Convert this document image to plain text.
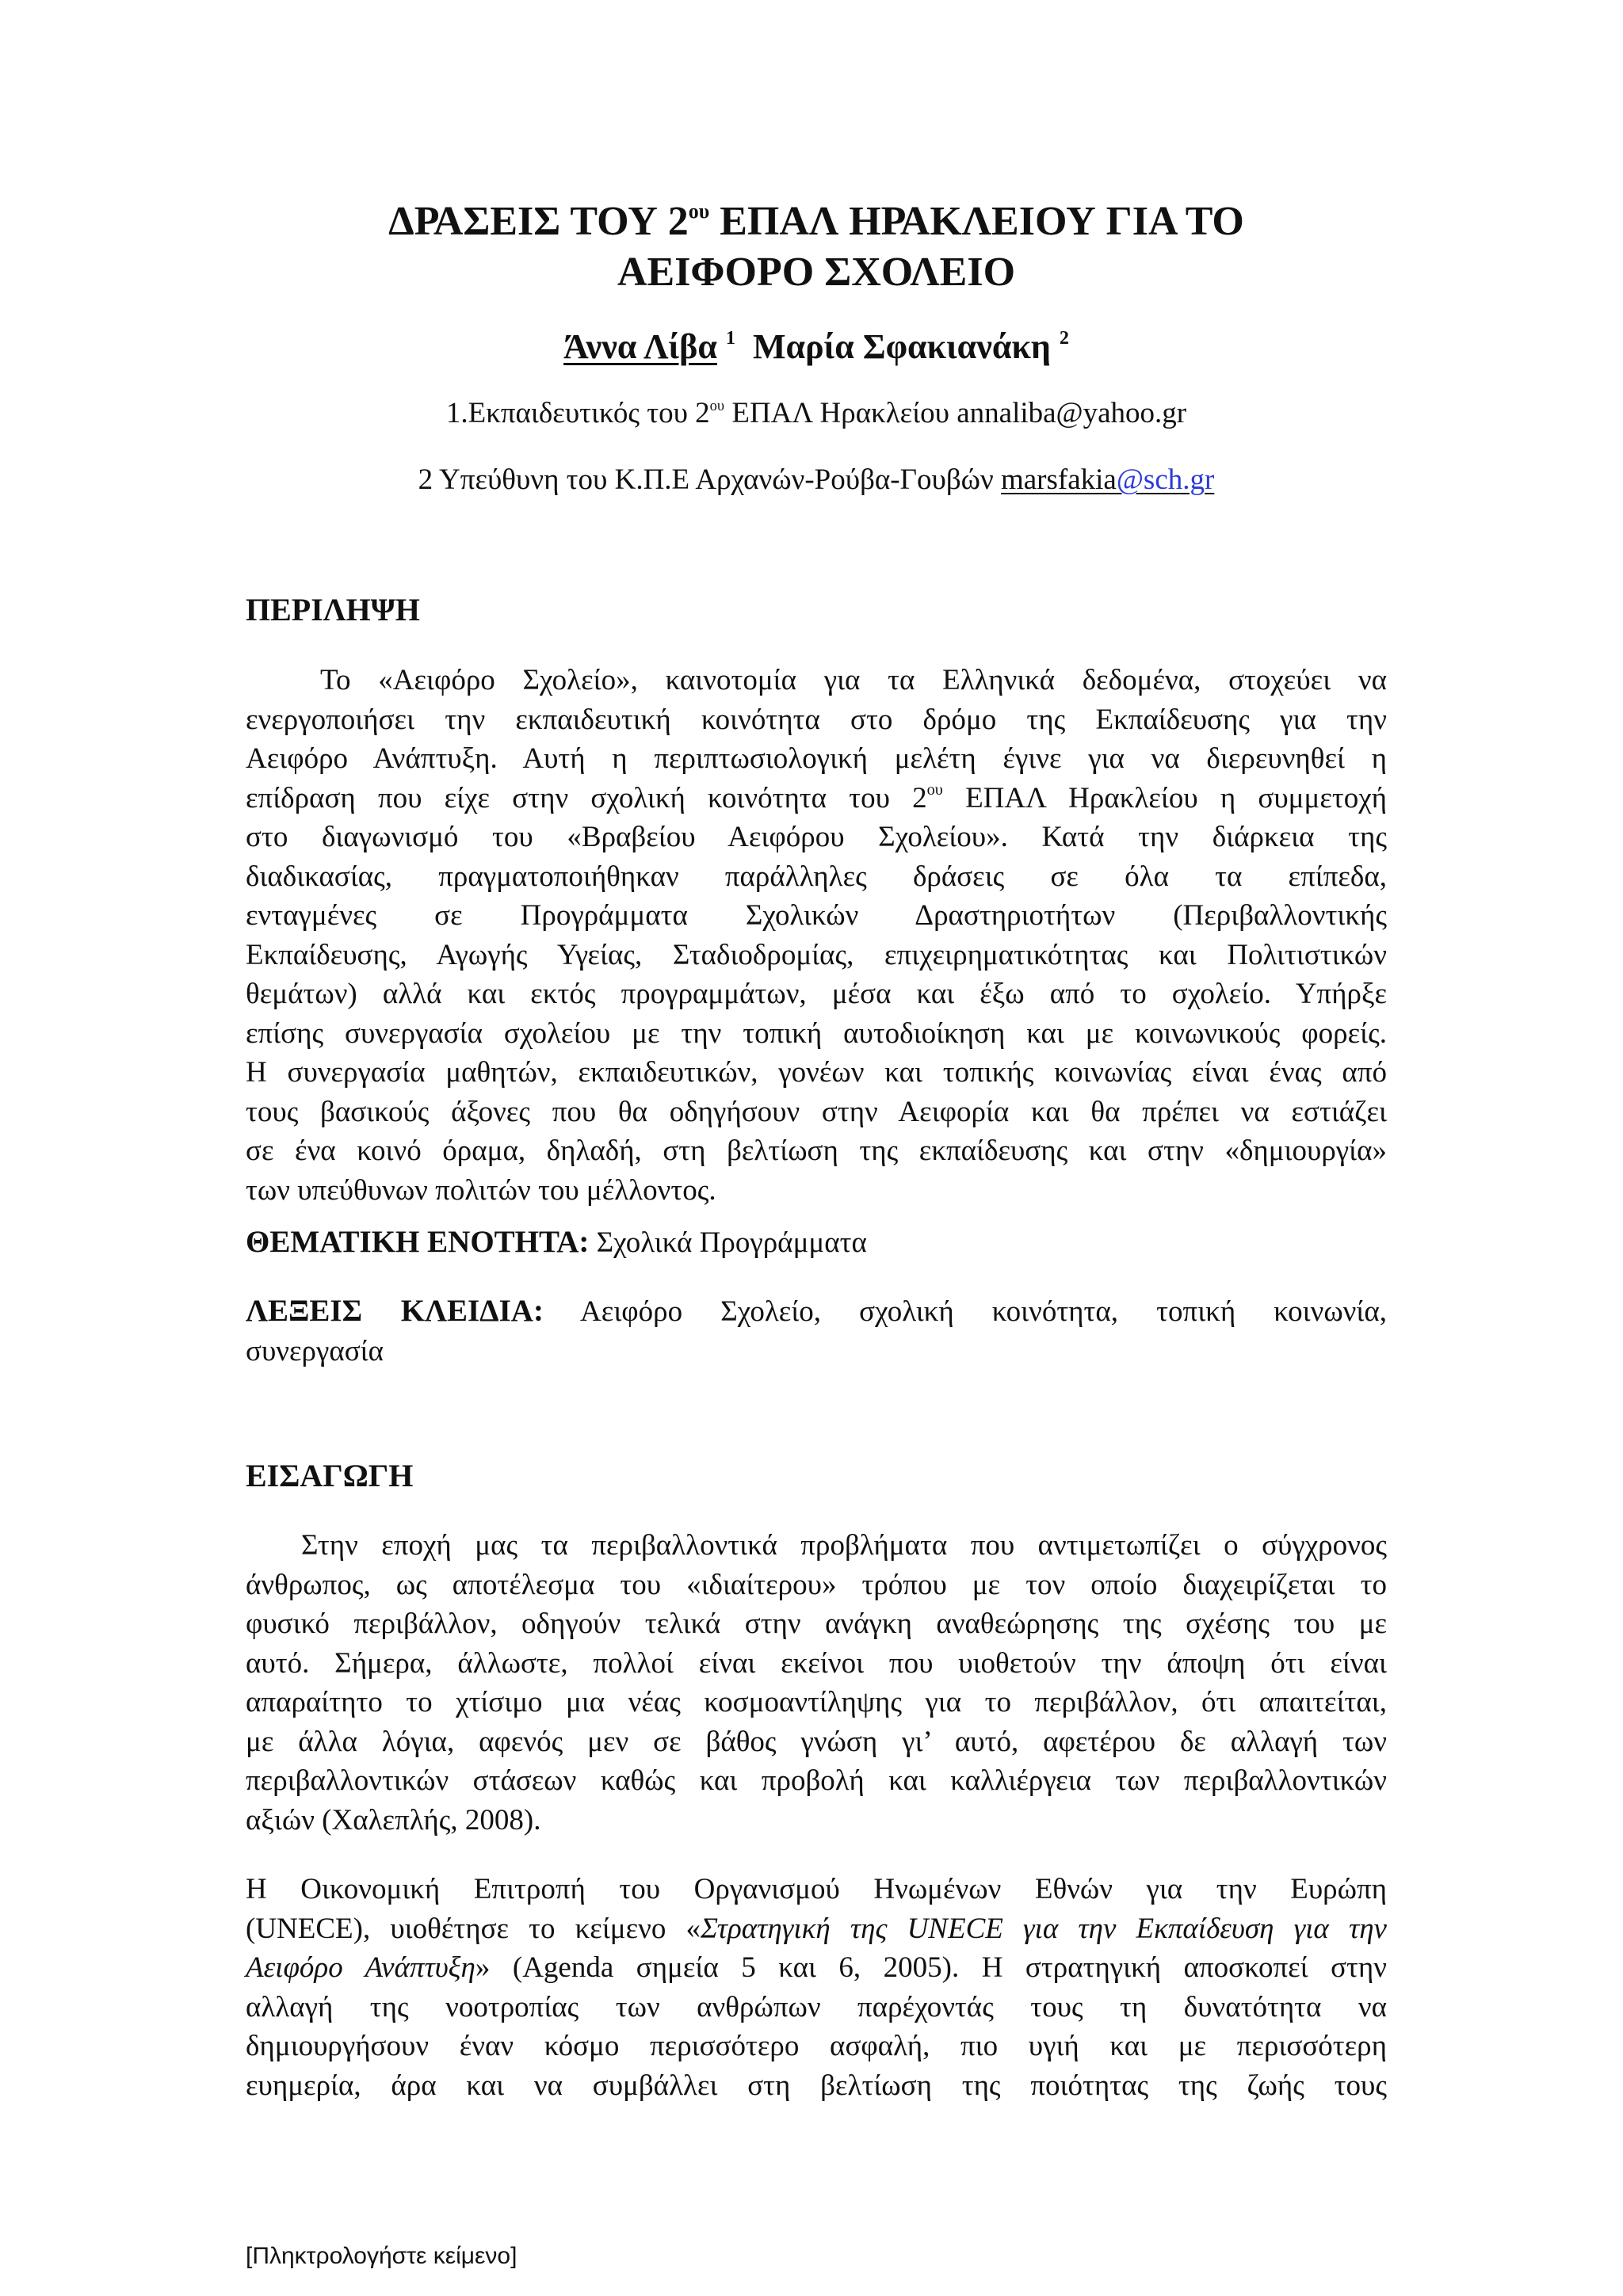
ΔΡΑΣΕΙΣ ΤΟΥ $2^{o\upsilon}$ ΕΠΑΛ ΗΡΑΚΛΕΙΟΥ ΓΙΑ ΤΟ
ΑΕΙΦΟΡΟ ΣΧΟΛΕΙΟ
Άννα Λίβα $^1$ Μαρία Σφακιανάκη $^2$
1.Εκπαιδευτικός του $2^{o\upsilon}$ ΕΠΑΛ Ηρακλείου annaliba@yahoo.gr
2 Υπεύθυνη του Κ.Π.Ε Αρχανών-Ρούβα-Γουβών marsfakia@sch.gr
ΠΕΡΙΛΗΨΗ
Το «Αειφόρο Σχολείο», καινοτομία για τα Ελληνικά δεδομένα, στοχεύει να
ενεργοποιήσει την εκπαιδευτική κοινότητα στο δρόμο της Εκπαίδευσης για την
Αειφόρο Ανάπτυξη. Αυτή η περιπτωσιολογική μελέτη έγινε για να διερευνηθεί η
επίδραση που είχε στην σχολική κοινότητα του $2^{o\upsilon}$ ΕΠΑΛ Ηρακλείου η συμμετοχή
στο διαγωνισμό του «Βραβείου Αειφόρου Σχολείου». Κατά την διάρκεια της
διαδικασίας, πραγματοποιήθηκαν παράλληλες δράσεις σε όλα τα επίπεδα,
ενταγμένες σε Προγράμματα Σχολικών Δραστηριοτήτων (Περιβαλλοντικής
Εκπαίδευσης, Αγωγής Υγείας, Σταδιοδρομίας, επιχειρηματικότητας και Πολιτιστικών
θεμάτων) αλλά και εκτός προγραμμάτων, μέσα και έξω από το σχολείο. Υπήρξε
επίσης συνεργασία σχολείου με την τοπική αυτοδιοίκηση και με κοινωνικούς φορείς.
Η συνεργασία μαθητών, εκπαιδευτικών, γονέων και τοπικής κοινωνίας είναι ένας από
τους βασικούς άξονες που θα οδηγήσουν στην Αειφορία και θα πρέπει να εστιάζει
σε ένα κοινό όραμα, δηλαδή, στη βελτίωση της εκπαίδευσης και στην «δημιουργία»
των υπεύθυνων πολιτών του μέλλοντος.
ΘΕΜΑΤΙΚΗ ΕΝΟΤΗΤΑ: Σχολικά Προγράμματα
ΛΕΞΕΙΣ ΚΛΕΙΔΙΑ: Αειφόρο Σχολείο, σχολική κοινότητα, τοπική κοινωνία,
συνεργασία
ΕΙΣΑΓΩΓΗ
Στην εποχή μας τα περιβαλλοντικά προβλήματα που αντιμετωπίζει ο σύγχρονος
άνθρωπος, ως αποτέλεσμα του «ιδιαίτερου» τρόπου με τον οποίο διαχειρίζεται το
φυσικό περιβάλλον, οδηγούν τελικά στην ανάγκη αναθεώρησης της σχέσης του με
αυτό. Σήμερα, άλλωστε, πολλοί είναι εκείνοι που υιοθετούν την άποψη ότι είναι
απαραίτητο το χτίσιμο μια νέας κοσμοαντίληψης για το περιβάλλον, ότι απαιτείται,
με άλλα λόγια, αφενός μεν σε βάθος γνώση γι’ αυτό, αφετέρου δε αλλαγή των
περιβαλλοντικών στάσεων καθώς και προβολή και καλλιέργεια των περιβαλλοντικών
αξιών (Χαλεπλής, 2008).
Η Οικονομική Επιτροπή του Οργανισμού Ηνωμένων Εθνών για την Ευρώπη
(UNECE), υιοθέτησε το κείμενο «Στρατηγική της UNECE για την Εκπαίδευση για την
Αειφόρο Ανάπτυξη» (Agenda σημεία 5 και 6, 2005). Η στρατηγική αποσκοπεί στην
αλλαγή της νοοτροπίας των ανθρώπων παρέχοντάς τους τη δυνατότητα να
δημιουργήσουν έναν κόσμο περισσότερο ασφαλή, πιο υγιή και με περισσότερη
ευημερία, άρα και να συμβάλλει στη βελτίωση της ποιότητας της ζωής τους
[Πληκτρολογήστε κείμενο]
